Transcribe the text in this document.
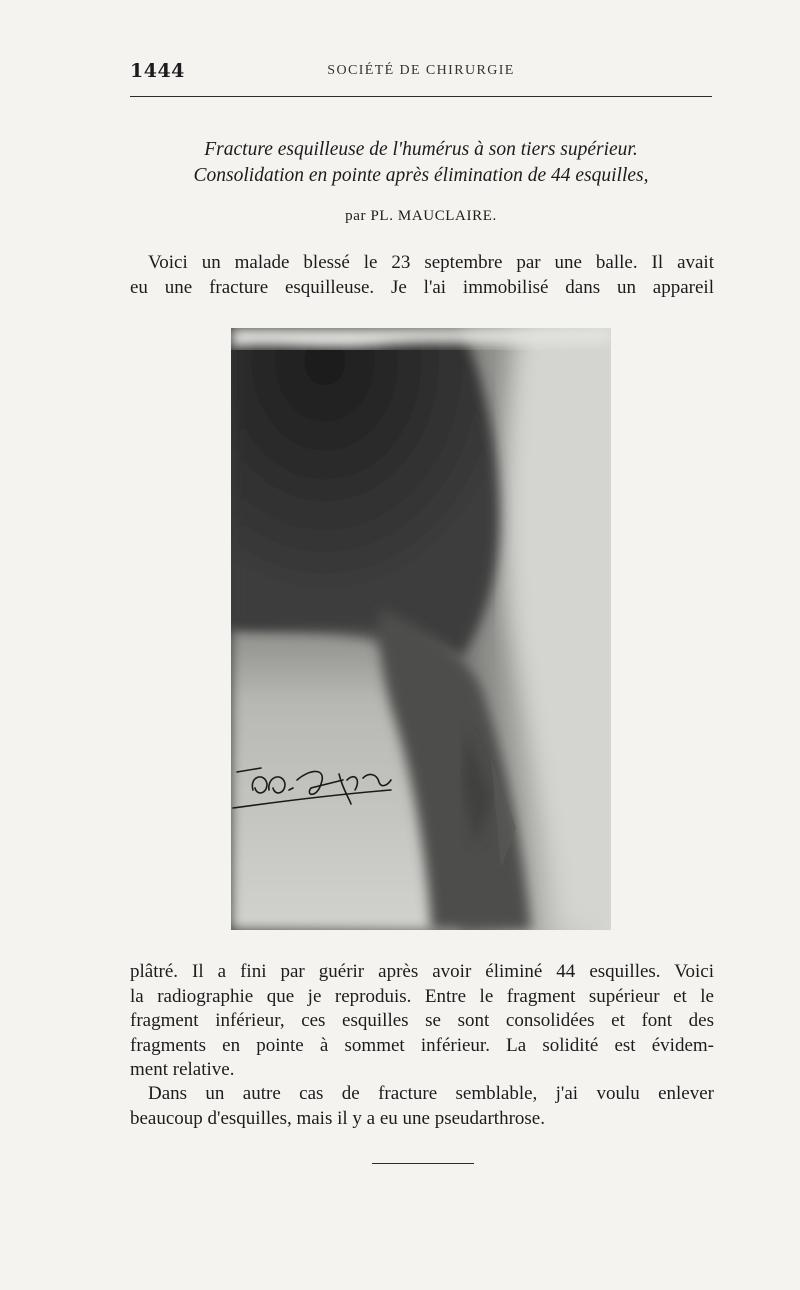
1444	SOCIÉTÉ DE CHIRURGIE
Fracture esquilleuse de l'humérus à son tiers supérieur.
Consolidation en pointe après élimination de 44 esquilles,
par PL. MAUCLAIRE.
Voici un malade blessé le 23 septembre par une balle. Il avait
eu une fracture esquilleuse. Je l'ai immobilisé dans un appareil
plâtré. Il a fini par guérir après avoir éliminé 44 esquilles. Voici
la radiographie que je reproduis. Entre le fragment supérieur et le
fragment inférieur, ces esquilles se sont consolidées et font des
fragments en pointe à sommet inférieur. La solidité est évidem-
ment relative.
Dans un autre cas de fracture semblable, j'ai voulu enlever
beaucoup d'esquilles, mais il y a eu une pseudarthrose.
